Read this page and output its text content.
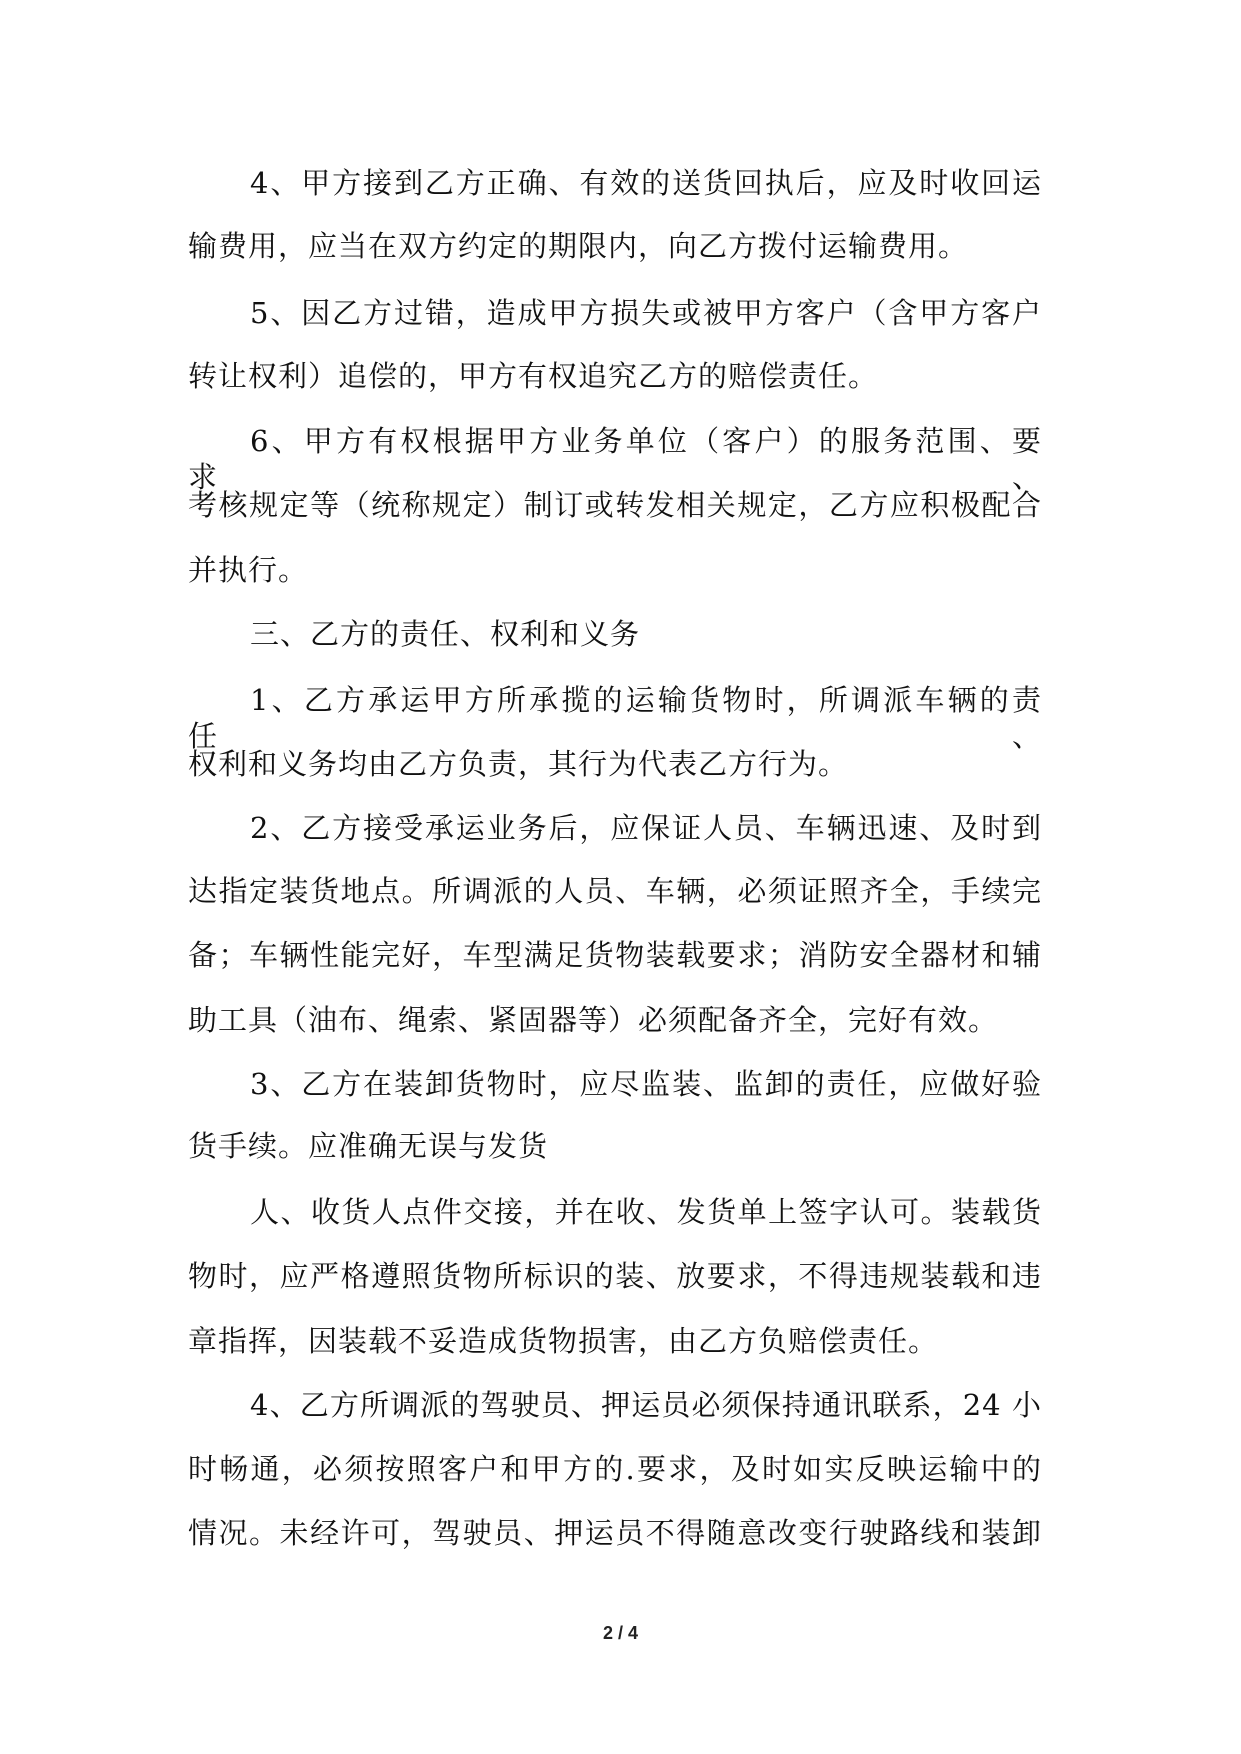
4、甲方接到乙方正确、有效的送货回执后，应及时收回运
输费用，应当在双方约定的期限内，向乙方拨付运输费用。
5、因乙方过错，造成甲方损失或被甲方客户（含甲方客户
转让权利）追偿的，甲方有权追究乙方的赔偿责任。
6、甲方有权根据甲方业务单位（客户）的服务范围、要求、
考核规定等（统称规定）制订或转发相关规定，乙方应积极配合
并执行。
三、乙方的责任、权利和义务
1、乙方承运甲方所承揽的运输货物时，所调派车辆的责任、
权利和义务均由乙方负责，其行为代表乙方行为。
2、乙方接受承运业务后，应保证人员、车辆迅速、及时到
达指定装货地点。所调派的人员、车辆，必须证照齐全，手续完
备；车辆性能完好，车型满足货物装载要求；消防安全器材和辅
助工具（油布、绳索、紧固器等）必须配备齐全，完好有效。
3、乙方在装卸货物时，应尽监装、监卸的责任，应做好验
货手续。应准确无误与发货
人、收货人点件交接，并在收、发货单上签字认可。装载货
物时，应严格遵照货物所标识的装、放要求，不得违规装载和违
章指挥，因装载不妥造成货物损害，由乙方负赔偿责任。
4、乙方所调派的驾驶员、押运员必须保持通讯联系，24 小
时畅通，必须按照客户和甲方的.要求，及时如实反映运输中的
情况。未经许可，驾驶员、押运员不得随意改变行驶路线和装卸
2 / 4
